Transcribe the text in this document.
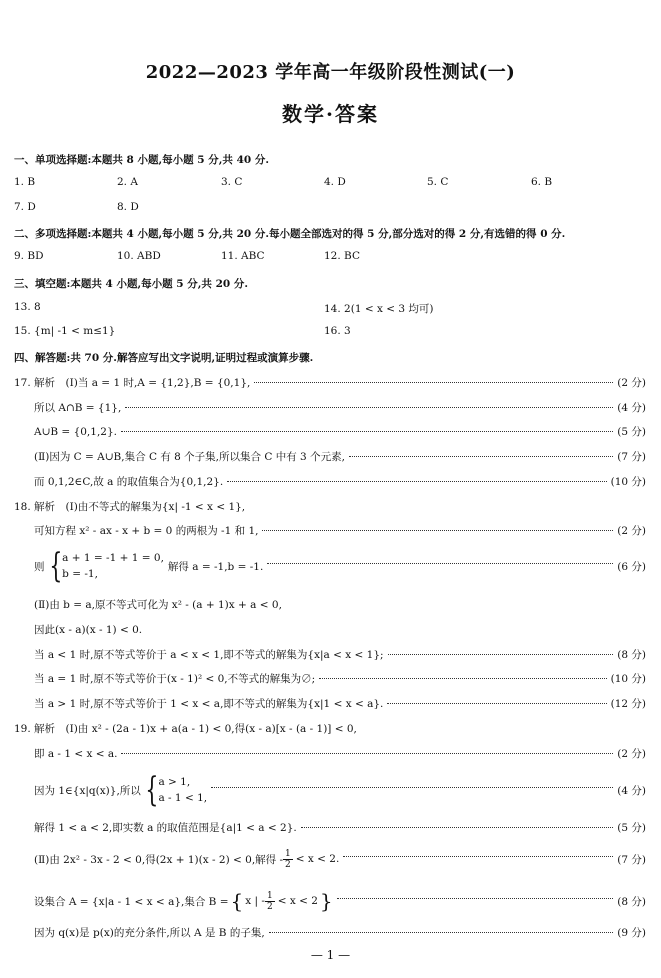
2022—2023 学年高一年级阶段性测试(一)
数学·答案
一、单项选择题:本题共 8 小题,每小题 5 分,共 40 分.
1. B	2. A	3. C	4. D	5. C	6. B
7. D	8. D
二、多项选择题:本题共 4 小题,每小题 5 分,共 20 分.每小题全部选对的得 5 分,部分选对的得 2 分,有选错的得 0 分.
9. BD	10. ABD	11. ABC	12. BC
三、填空题:本题共 4 小题,每小题 5 分,共 20 分.
13. 8	14. 2(1 < x < 3 均可)
15. {m| -1 < m≤1}	16. 3
四、解答题:共 70 分.解答应写出文字说明,证明过程或演算步骤.
17. 解析　(Ⅰ)当 a = 1 时,A = {1,2},B = {0,1},	(2 分)
所以 A∩B = {1},	(4 分)
A∪B = {0,1,2}.	(5 分)
(Ⅱ)因为 C = A∪B,集合 C 有 8 个子集,所以集合 C 中有 3 个元素,	(7 分)
而 0,1,2∈C,故 a 的取值集合为{0,1,2}.	(10 分)
18. 解析　(Ⅰ)由不等式的解集为{x| -1 < x < 1},
可知方程 x² - ax - x + b = 0 的两根为 -1 和 1,	(2 分)
则 { a + 1 = -1 + 1 = 0,
b = -1,
解得 a = -1,b = -1.	(6 分)
(Ⅱ)由 b = a,原不等式可化为 x² - (a + 1)x + a < 0,
因此(x - a)(x - 1) < 0.
当 a < 1 时,原不等式等价于 a < x < 1,即不等式的解集为{x|a < x < 1};	(8 分)
当 a = 1 时,原不等式等价于(x - 1)² < 0,不等式的解集为∅;	(10 分)
当 a > 1 时,原不等式等价于 1 < x < a,即不等式的解集为{x|1 < x < a}.	(12 分)
19. 解析　(Ⅰ)由 x² - (2a - 1)x + a(a - 1) < 0,得(x - a)[x - (a - 1)] < 0,
即 a - 1 < x < a.	(2 分)
因为 1∈{x|q(x)},所以 { a > 1,
a - 1 < 1,
(4 分)
解得 1 < a < 2,即实数 a 的取值范围是{a|1 < a < 2}.	(5 分)
(Ⅱ)由 2x² - 3x - 2 < 0,得(2x + 1)(x - 2) < 0,解得 - $\frac{1}{2} < x < 2$.	(7 分)
设集合 A = {x|a - 1 < x < a},集合 B = { x | - $\frac{1}{2} < x < 2$ }	(8 分)
因为 q(x)是 p(x)的充分条件,所以 A 是 B 的子集,	(9 分)
— 1 —
